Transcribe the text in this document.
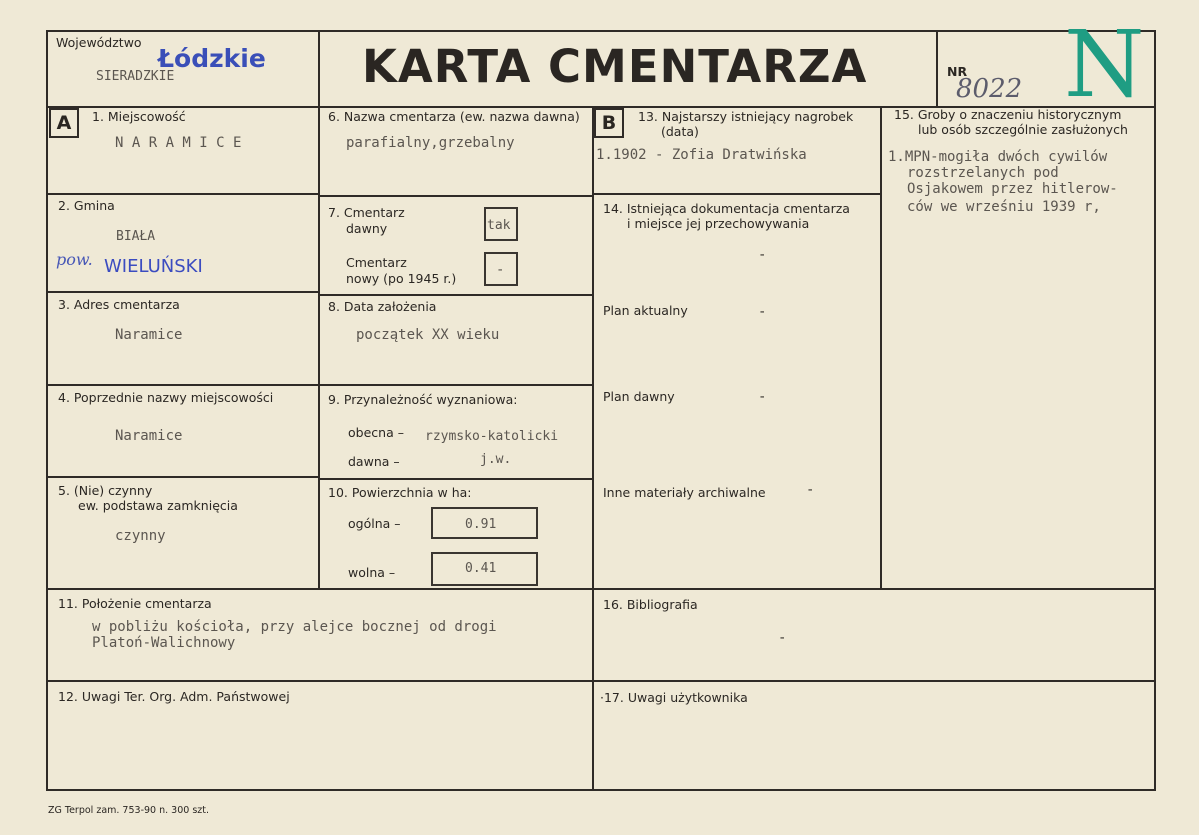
Województwo
Łódzkie
SIERADZKIE	KARTA CMENTARZA	NR
8022 N
A	1. Miejscowość
N A R A M I C E
2. Gmina
BIAŁA
pow. WIELUŃSKI
3. Adres cmentarza
Naramice
4. Poprzednie nazwy miejscowości
Naramice
5. (Nie) czynny
ew. podstawa zamknięcia
czynny
6. Nazwa cmentarza (ew. nazwa dawna)
parafialny,grzebalny
7. Cmentarz
dawny	tak
Cmentarz
nowy (po 1945 r.)
-
8. Data założenia
początek XX wieku
9. Przynależność wyznaniowa:
obecna – rzymsko-katolicki
dawna –	j.w.
10. Powierzchnia w ha:
ogólna –	0.91
wolna –	0.41
B	13. Najstarszy istniejący nagrobek
(data)
1.1902 - Zofia Dratwińska
14. Istniejąca dokumentacja cmentarza
i miejsce jej przechowywania
-
Plan aktualny	-
Plan dawny	-
Inne materiały archiwalne	-
15. Groby o znaczeniu historycznym
lub osób szczególnie zasłużonych
1.MPN-mogiła dwóch cywilów
rozstrzelanych pod
Osjakowem przez hitlerow-
ców we wrześniu 1939 r,
11. Położenie cmentarza
w pobliżu kościoła, przy alejce bocznej od drogi
Platoń-Walichnowy
16. Bibliografia
-
12. Uwagi Ter. Org. Adm. Państwowej	·17. Uwagi użytkownika
ZG Terpol zam. 753-90 n. 300 szt.
